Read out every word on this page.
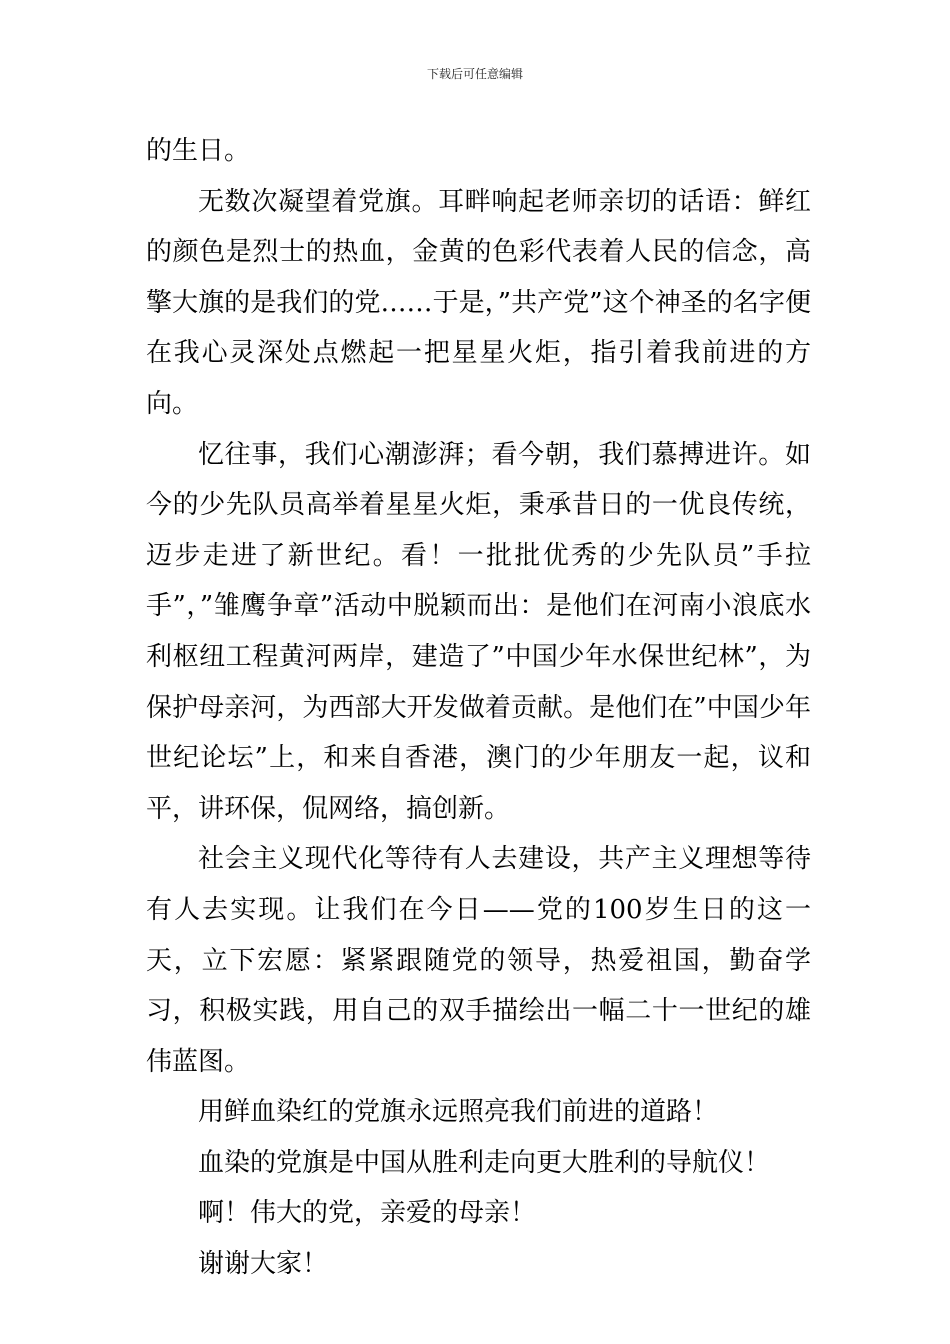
下载后可任意编辑

的生日。

无数次凝望着党旗。耳畔响起老师亲切的话语：鲜红的颜色是烈士的热血，金黄的色彩代表着人民的信念，高擎大旗的是我们的党……于是，”共产党”这个神圣的名字便在我心灵深处点燃起一把星星火炬，指引着我前进的方向。

忆往事，我们心潮澎湃；看今朝，我们慕搏进许。如今的少先队员高举着星星火炬，秉承昔日的一优良传统，迈步走进了新世纪。看！一批批优秀的少先队员”手拉手”，”雏鹰争章”活动中脱颖而出：是他们在河南小浪底水利枢纽工程黄河两岸，建造了”中国少年水保世纪林”，为保护母亲河，为西部大开发做着贡献。是他们在”中国少年世纪论坛”上，和来自香港，澳门的少年朋友一起，议和平，讲环保，侃网络，搞创新。

社会主义现代化等待有人去建设，共产主义理想等待有人去实现。让我们在今日——党的100岁生日的这一天，立下宏愿：紧紧跟随党的领导，热爱祖国，勤奋学习，积极实践，用自己的双手描绘出一幅二十一世纪的雄伟蓝图。

用鲜血染红的党旗永远照亮我们前进的道路！

血染的党旗是中国从胜利走向更大胜利的导航仪！

啊！伟大的党，亲爱的母亲！

谢谢大家！
